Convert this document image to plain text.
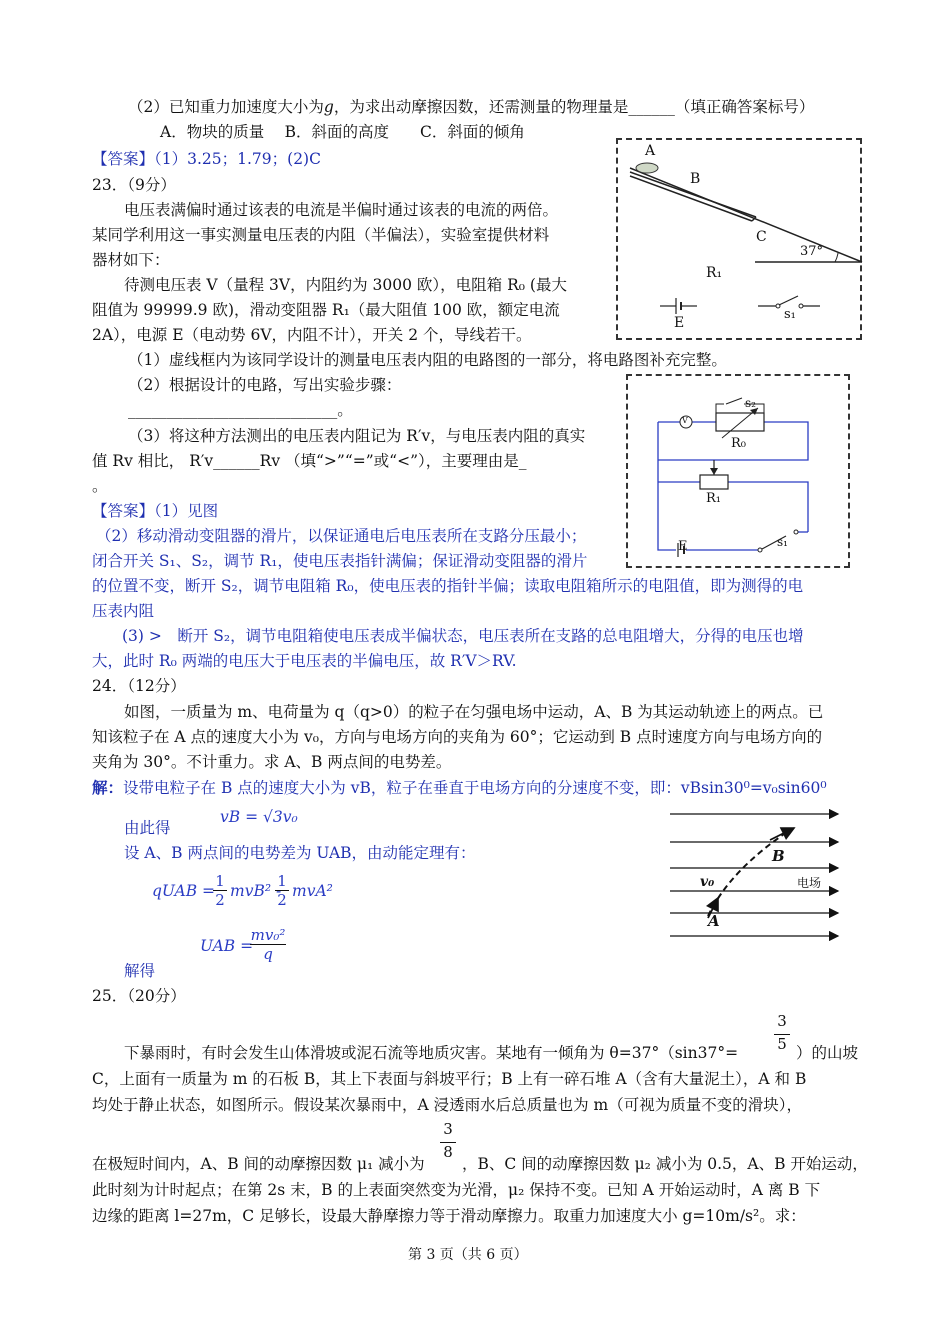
（2）已知重力加速度大小为g，为求出动摩擦因数，还需测量的物理量是______（填正确答案标号）
A．物块的质量　 B．斜面的高度　　C．斜面的倾角
【答案】（1）3.25；1.79；(2)C	A
B
C
37°
R₁
E
s₁
23．（9分）
电压表满偏时通过该表的电流是半偏时通过该表的电流的两倍。
某同学利用这一事实测量电压表的内阻（半偏法），实验室提供材料
器材如下：
待测电压表 V（量程 3V，内阻约为 3000 欧），电阻箱 R₀ (最大
阻值为 99999.9 欧)，滑动变阻器 R₁（最大阻值 100 欧，额定电流
2A），电源 E（电动势 6V，内阻不计），开关 2 个，导线若干。
（1）虚线框内为该同学设计的测量电压表内阻的电路图的一部分，将电路图补充完整。
（2）根据设计的电路，写出实验步骤：
___________________________。
（3）将这种方法测出的电压表内阻记为 R′v，与电压表内阻的真实
值 Rv 相比， R′v______Rv （填“>”“=”或“<”），主要理由是_
。
【答案】（1）见图
（2）移动滑动变阻器的滑片，以保证通电后电压表所在支路分压最小；
闭合开关 S₁、S₂，调节 R₁，使电压表指针满偏；保证滑动变阻器的滑片
的位置不变，断开 S₂，调节电阻箱 R₀，使电压表的指针半偏；读取电阻箱所示的电阻值，即为测得的电
压表内阻
(3) >　断开 S₂，调节电阻箱使电压表成半偏状态，电压表所在支路的总电阻增大，分得的电压也增
大，此时 R₀ 两端的电压大于电压表的半偏电压，故 R′V＞RV.
V
s₂
R₀
R₁
E	s₁
24．（12分）
如图，一质量为 m、电荷量为 q（q>0）的粒子在匀强电场中运动，A、B 为其运动轨迹上的两点。已
知该粒子在 A 点的速度大小为 v₀，方向与电场方向的夹角为 60°；它运动到 B 点时速度方向与电场方向的
夹角为 30°。不计重力。求 A、B 两点间的电势差。
解：设带电粒子在 B 点的速度大小为 vB，粒子在垂直于电场方向的分速度不变，即：vBsin30⁰=v₀sin60⁰
vB = √3v₀
由此得
设 A、B 两点间的电势差为 UAB，由动能定理有：
qUAB =
$\frac{1}{2} mvB^2$ -
$\frac{1}{2} mvA^2$
UAB =
$\frac{\text{mv₀²}}{q}$
解得
B
v₀	电场
A
25．（20分）
$\frac{3}{5}$
下暴雨时，有时会发生山体滑坡或泥石流等地质灾害。某地有一倾角为 θ=37°（sin37°=	）的山坡
C，上面有一质量为 m 的石板 B，其上下表面与斜坡平行；B 上有一碎石堆 A（含有大量泥土），A 和 B
均处于静止状态，如图所示。假设某次暴雨中，A 浸透雨水后总质量也为 m（可视为质量不变的滑块），
$\frac{3}{8}$
在极短时间内，A、B 间的动摩擦因数 μ₁ 减小为 ，B、C 间的动摩擦因数 μ₂ 减小为 0.5，A、B 开始运动，
此时刻为计时起点；在第 2s 末，B 的上表面突然变为光滑，μ₂ 保持不变。已知 A 开始运动时，A 离 B 下
边缘的距离 l=27m，C 足够长，设最大静摩擦力等于滑动摩擦力。取重力加速度大小 g=10m/s²。求：
第 3 页（共 6 页）
